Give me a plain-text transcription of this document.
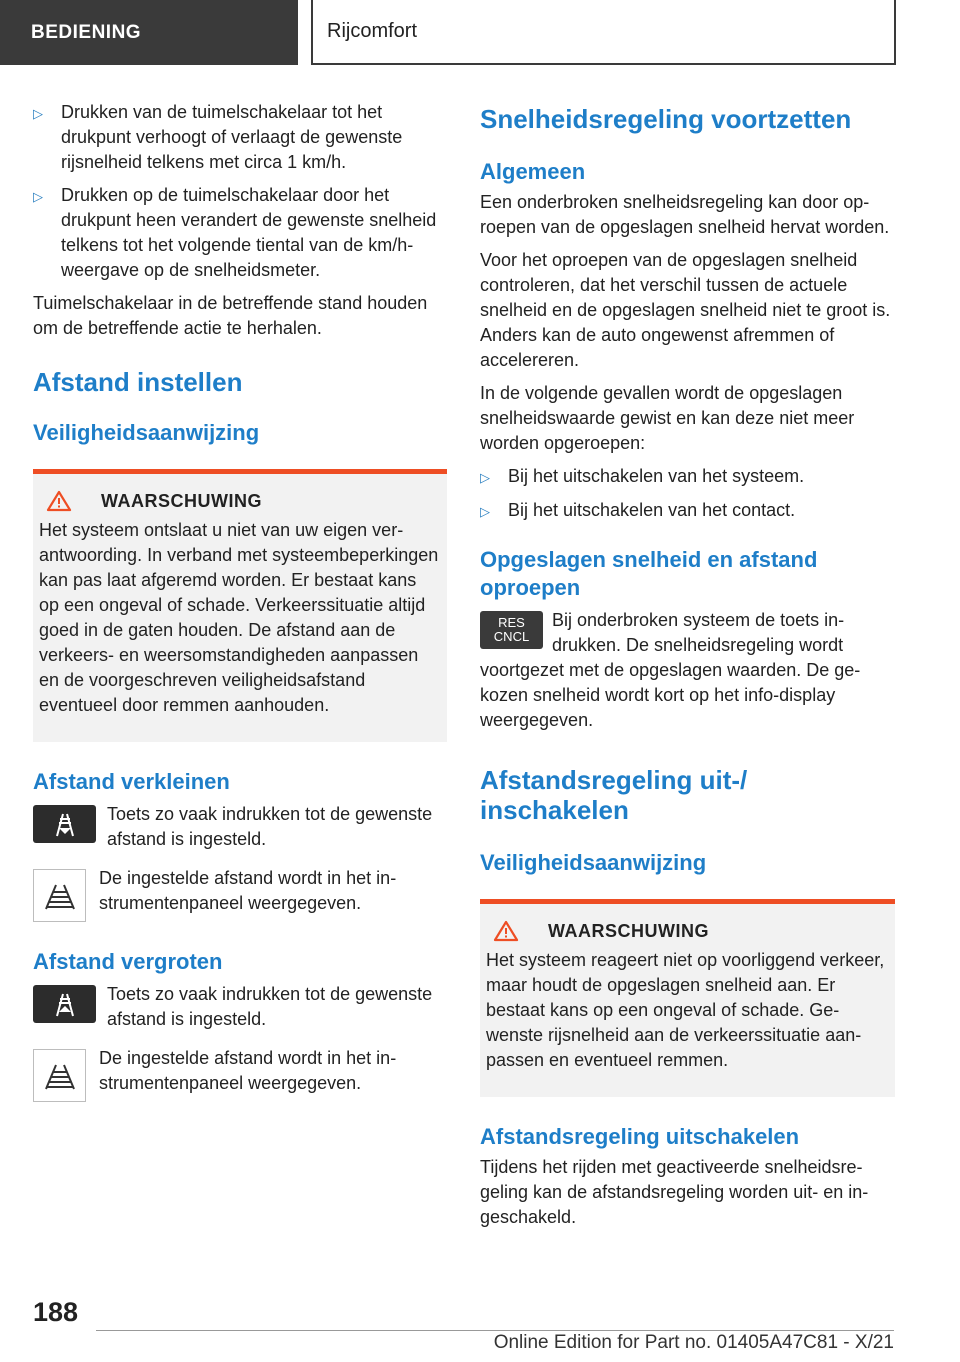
BEDIENING	Rijcomfort
▷	Drukken van de tuimelschakelaar tot het drukpunt verhoogt of verlaagt de gewenste rijsnelheid telkens met circa 1 km/h.
▷	Drukken op de tuimelschakelaar door het drukpunt heen verandert de gewenste snelheid telkens tot het volgende tiental van de km/h-weergave op de snelheidsmeter.

Tuimelschakelaar in de betreffende stand houden om de betreffende actie te herhalen.

Afstand instellen
Veiligheidsaanwijzing
WAARSCHUWING

Het systeem ontslaat u niet van uw eigen verantwoording. In verband met systeembeperkingen kan pas laat afgeremd worden. Er bestaat kans op een ongeval of schade. Verkeerssituatie altijd goed in de gaten houden. De afstand aan de verkeers- en weersomstandigheden aanpassen en de voorgeschreven veiligheidsafstand eventueel door remmen aanhouden.

Afstand verkleinen

Toets zo vaak indrukken tot de gewenste afstand is ingesteld.

De ingestelde afstand wordt in het instrumentenpaneel weergegeven.

Afstand vergroten

Toets zo vaak indrukken tot de gewenste afstand is ingesteld.

De ingestelde afstand wordt in het instrumentenpaneel weergegeven.

Snelheidsregeling voortzetten
Algemeen

Een onderbroken snelheidsregeling kan door oproepen van de opgeslagen snelheid hervat worden.

Voor het oproepen van de opgeslagen snelheid controleren, dat het verschil tussen de actuele snelheid en de opgeslagen snelheid niet te groot is. Anders kan de auto ongewenst afremmen of accelereren.

In de volgende gevallen wordt de opgeslagen snelheidswaarde gewist en kan deze niet meer worden opgeroepen:

▷	Bij het uitschakelen van het systeem.
▷	Bij het uitschakelen van het contact.
Opgeslagen snelheid en afstand oproepen
RES
CNCL

Bij onderbroken systeem de toets indrukken. De snelheidsregeling wordt voortgezet met de opgeslagen waarden. De gekozen snelheid wordt kort op het info-display weergegeven.

Afstandsregeling uit-/ inschakelen
Veiligheidsaanwijzing
WAARSCHUWING

Het systeem reageert niet op voorliggend verkeer, maar houdt de opgeslagen snelheid aan. Er bestaat kans op een ongeval of schade. Gewenste rijsnelheid aan de verkeerssituatie aanpassen en eventueel remmen.

Afstandsregeling uitschakelen

Tijdens het rijden met geactiveerde snelheidsregeling kan de afstandsregeling worden uit- en ingeschakeld.

188
Online Edition for Part no. 01405A47C81 - X/21
